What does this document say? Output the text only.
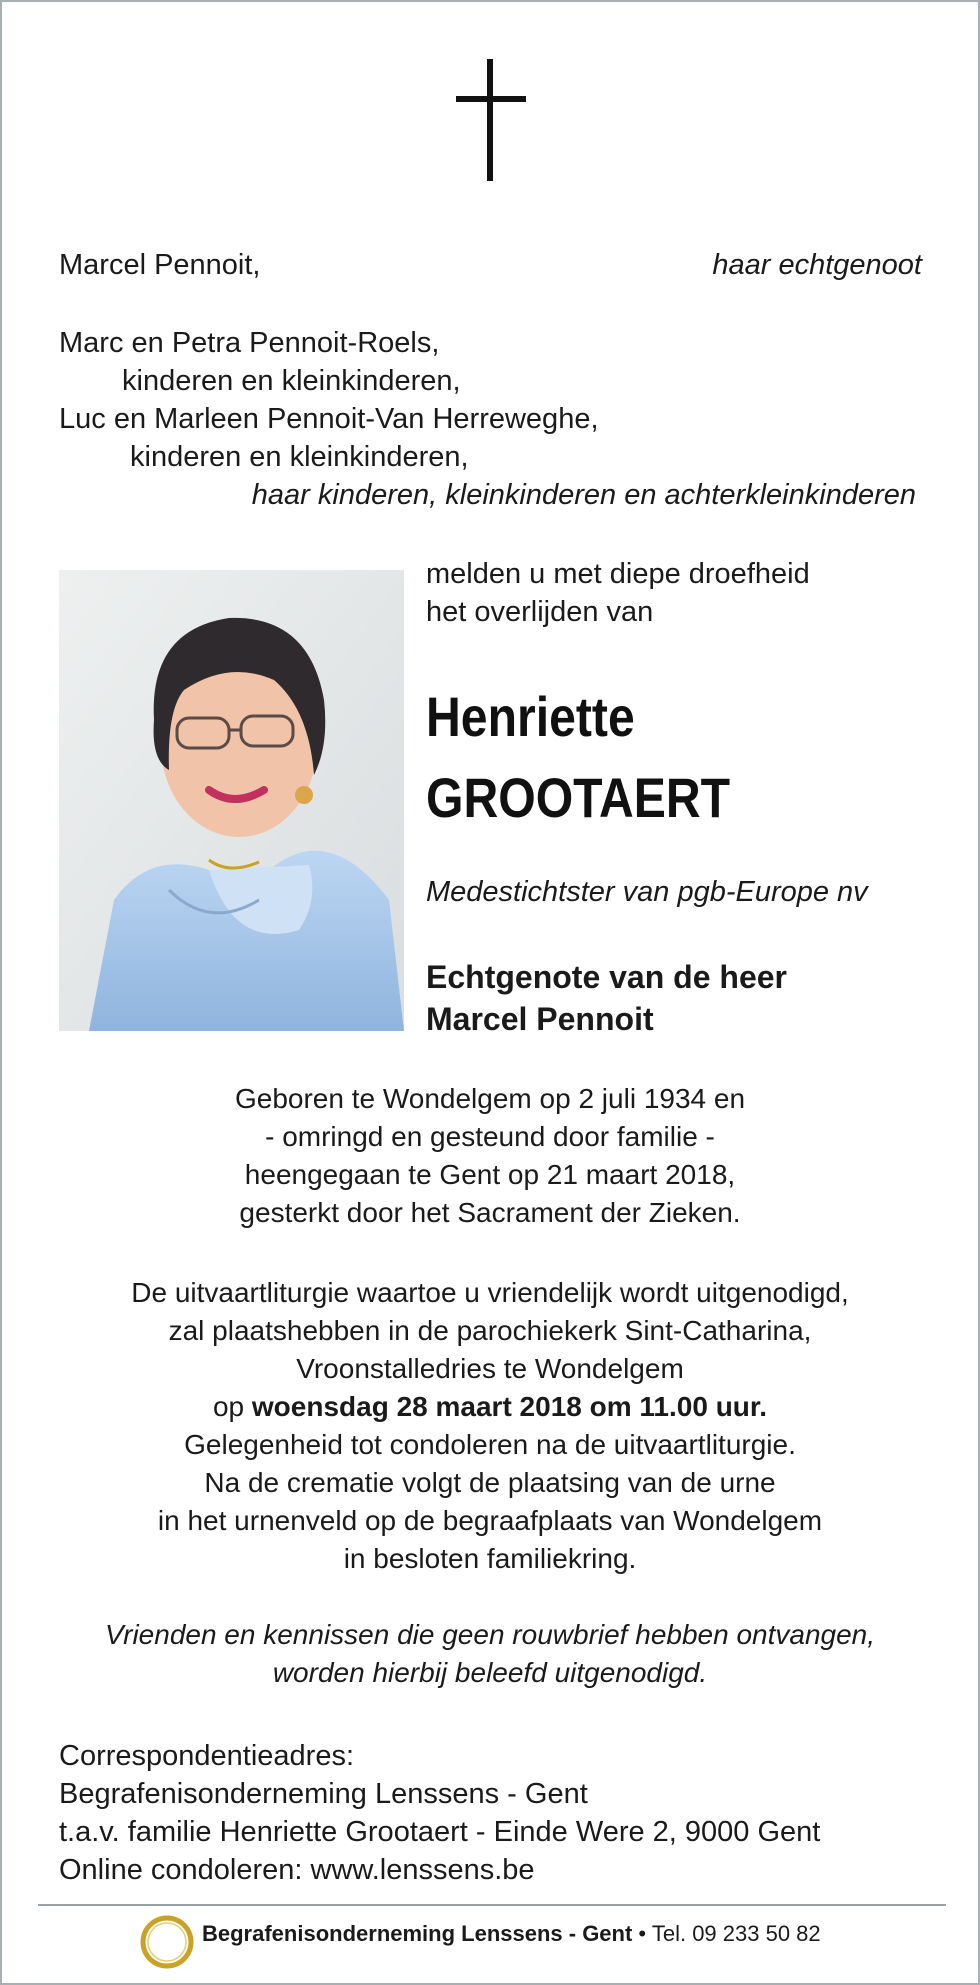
Marcel Pennoit,	haar echtgenoot
Marc en Petra Pennoit-Roels,
kinderen en kleinkinderen,
Luc en Marleen Pennoit-Van Herreweghe,
kinderen en kleinkinderen,
haar kinderen, kleinkinderen en achterkleinkinderen
melden u met diepe droefheid
het overlijden van
Henriette
GROOTAERT
Medestichtster van pgb-Europe nv
Echtgenote van de heer
Marcel Pennoit
Geboren te Wondelgem op 2 juli 1934 en
- omringd en gesteund door familie -
heengegaan te Gent op 21 maart 2018,
gesterkt door het Sacrament der Zieken.
De uitvaartliturgie waartoe u vriendelijk wordt uitgenodigd,
zal plaatshebben in de parochiekerk Sint-Catharina,
Vroonstalledries te Wondelgem
op woensdag 28 maart 2018 om 11.00 uur.
Gelegenheid tot condoleren na de uitvaartliturgie.
Na de crematie volgt de plaatsing van de urne
in het urnenveld op de begraafplaats van Wondelgem
in besloten familiekring.
Vrienden en kennissen die geen rouwbrief hebben ontvangen,
worden hierbij beleefd uitgenodigd.
Correspondentieadres:
Begrafenisonderneming Lenssens - Gent
t.a.v. familie Henriette Grootaert - Einde Were 2, 9000 Gent
Online condoleren: www.lenssens.be
Begrafenisonderneming Lenssens - Gent • Tel. 09 233 50 82
